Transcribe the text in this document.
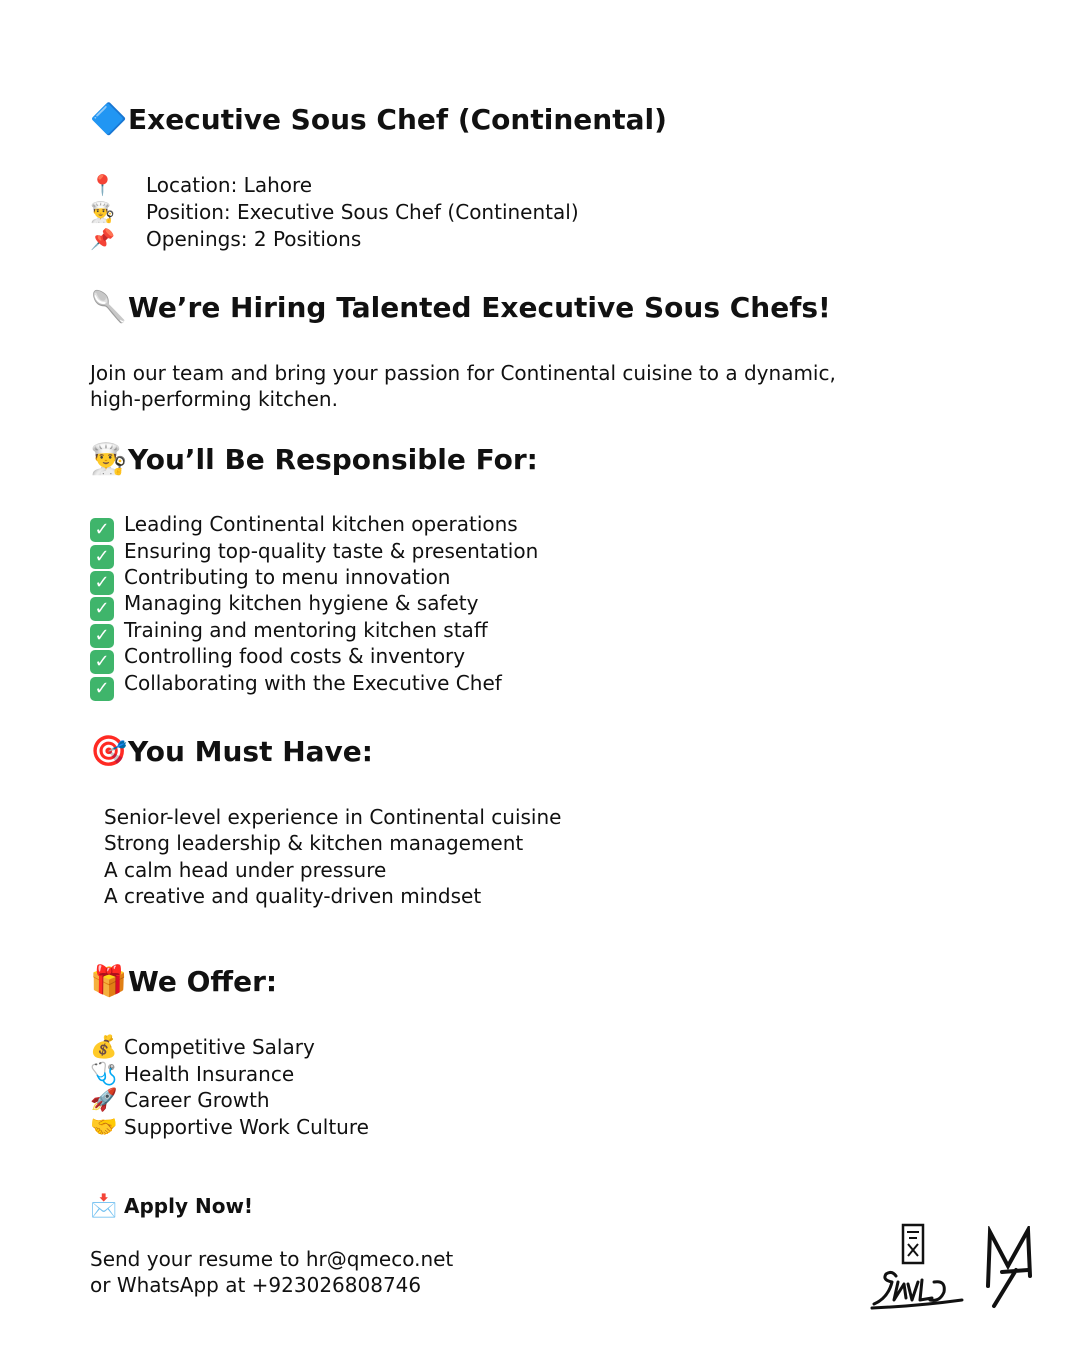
🔷 Executive Sous Chef (Continental)
📍 Location: Lahore
👨‍🍳 Position: Executive Sous Chef (Continental)
📌 Openings: 2 Positions
🥄 We’re Hiring Talented Executive Sous Chefs!
Join our team and bring your passion for Continental cuisine to a dynamic,
high-performing kitchen.
👨‍🍳 You’ll Be Responsible For:
✓ Leading Continental kitchen operations
✓ Ensuring top-quality taste & presentation
✓ Contributing to menu innovation
✓ Managing kitchen hygiene & safety
✓ Training and mentoring kitchen staff
✓ Controlling food costs & inventory
✓ Collaborating with the Executive Chef
🎯 You Must Have:
Senior-level experience in Continental cuisine
Strong leadership & kitchen management
A calm head under pressure
A creative and quality-driven mindset
🎁 We Offer:
💰 Competitive Salary
🩺 Health Insurance
🚀 Career Growth
🤝 Supportive Work Culture
📩 Apply Now!
Send your resume to hr@qmeco.net
or WhatsApp at +923026808746
